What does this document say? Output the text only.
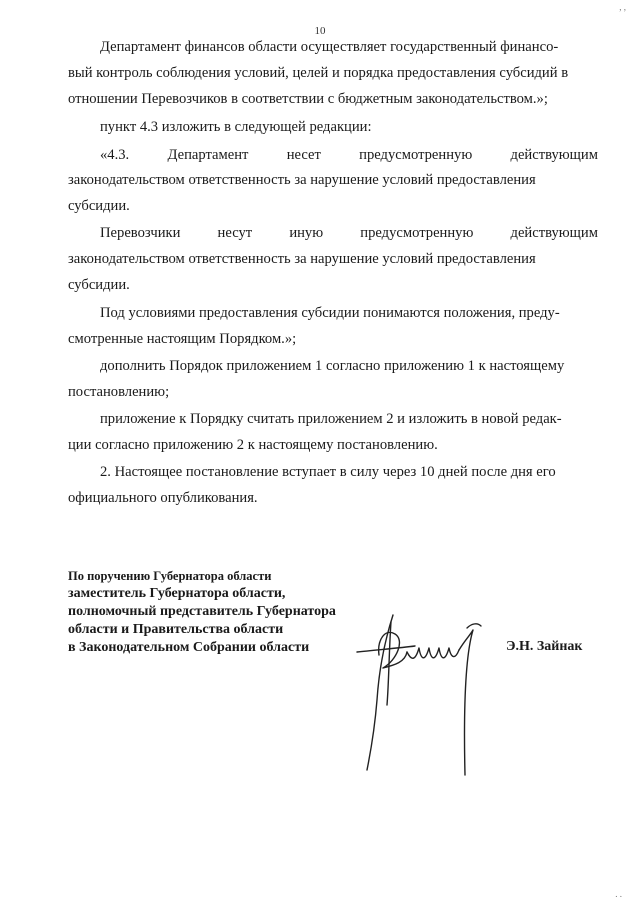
10
Департамент финансов области осуществляет государственный финансо-
вый контроль соблюдения условий, целей и порядка предоставления субсидий в
отношении Перевозчиков в соответствии с бюджетным законодательством.»;
пункт 4.3 изложить в следующей редакции:
«4.3.	Департамент	несет	предусмотренную	действующим
законодательством ответственность за нарушение условий предоставления
субсидии.
Перевозчики	несут	иную	предусмотренную	действующим
законодательством ответственность за нарушение условий предоставления
субсидии.
Под условиями предоставления субсидии понимаются положения, преду-
смотренные настоящим Порядком.»;
дополнить Порядок приложением 1 согласно приложению 1 к настоящему
постановлению;
приложение к Порядку считать приложением 2 и изложить в новой редак-
ции согласно приложению 2 к настоящему постановлению.
2. Настоящее постановление вступает в силу через 10 дней после дня его
официального опубликования.
По поручению Губернатора области
заместитель Губернатора области,
полномочный представитель Губернатора
области и Правительства области
в Законодательном Собрании области	Э.Н. Зайнак
, ,
. .
